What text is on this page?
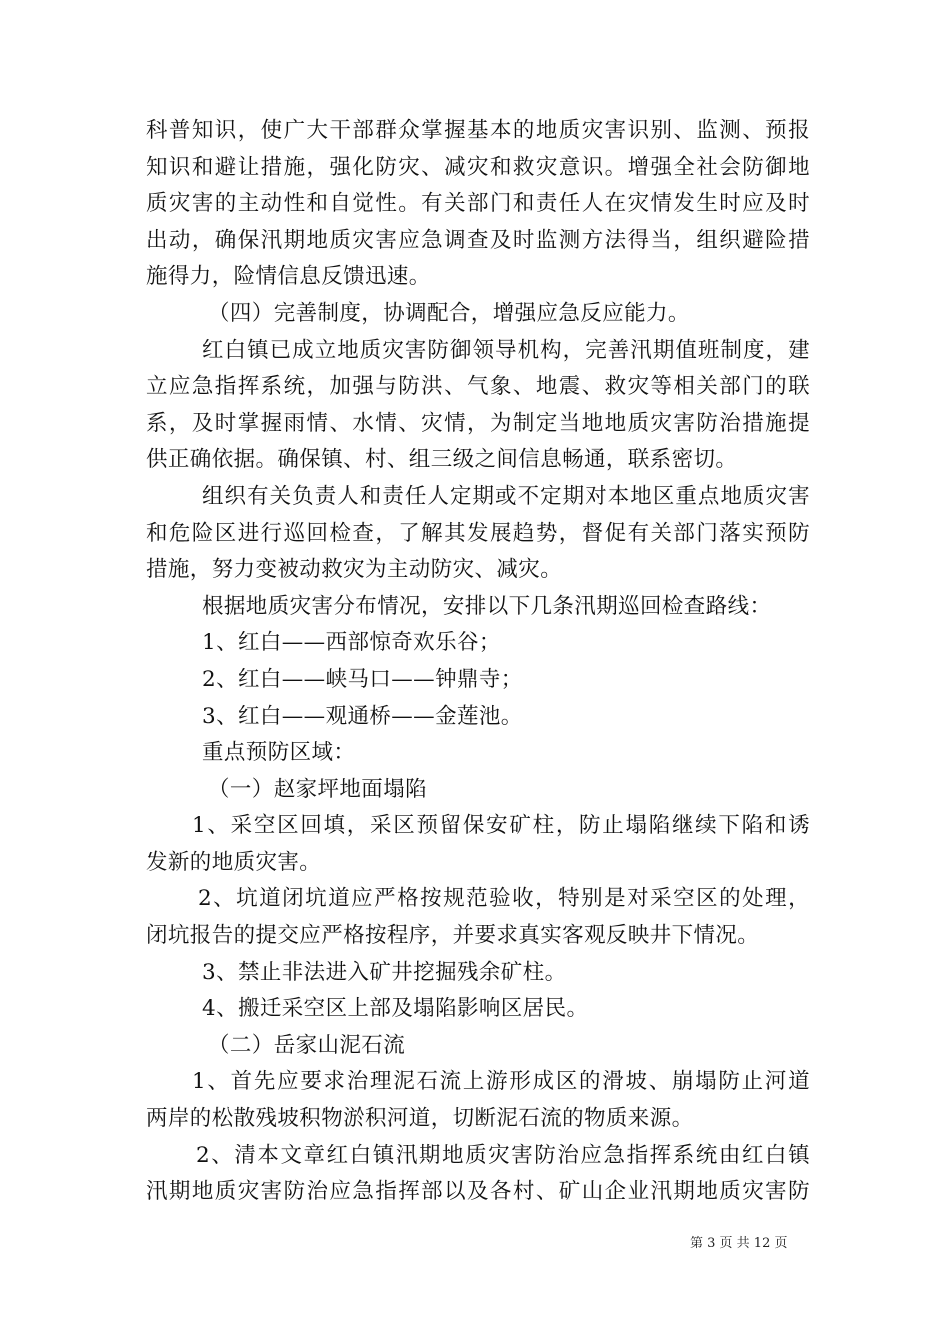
科普知识，使广大干部群众掌握基本的地质灾害识别、监测、预报
知识和避让措施，强化防灾、减灾和救灾意识。增强全社会防御地
质灾害的主动性和自觉性。有关部门和责任人在灾情发生时应及时
出动，确保汛期地质灾害应急调查及时监测方法得当，组织避险措
施得力，险情信息反馈迅速。
（四）完善制度，协调配合，增强应急反应能力。
红白镇已成立地质灾害防御领导机构，完善汛期值班制度，建
立应急指挥系统，加强与防洪、气象、地震、救灾等相关部门的联
系，及时掌握雨情、水情、灾情，为制定当地地质灾害防治措施提
供正确依据。确保镇、村、组三级之间信息畅通，联系密切。
组织有关负责人和责任人定期或不定期对本地区重点地质灾害
和危险区进行巡回检查，了解其发展趋势，督促有关部门落实预防
措施，努力变被动救灾为主动防灾、减灾。
根据地质灾害分布情况，安排以下几条汛期巡回检查路线：
1、红白——西部惊奇欢乐谷；
2、红白——峡马口——钟鼎寺；
3、红白——观通桥——金莲池。
重点预防区域：
（一）赵家坪地面塌陷
1、采空区回填，采区预留保安矿柱，防止塌陷继续下陷和诱
发新的地质灾害。
2、坑道闭坑道应严格按规范验收，特别是对采空区的处理，
闭坑报告的提交应严格按程序，并要求真实客观反映井下情况。
3、禁止非法进入矿井挖掘残余矿柱。
4、搬迁采空区上部及塌陷影响区居民。
（二）岳家山泥石流
1、首先应要求治理泥石流上游形成区的滑坡、崩塌防止河道
两岸的松散残坡积物淤积河道，切断泥石流的物质来源。
2、清本文章红白镇汛期地质灾害防治应急指挥系统由红白镇
汛期地质灾害防治应急指挥部以及各村、矿山企业汛期地质灾害防
第 3 页 共 12 页
